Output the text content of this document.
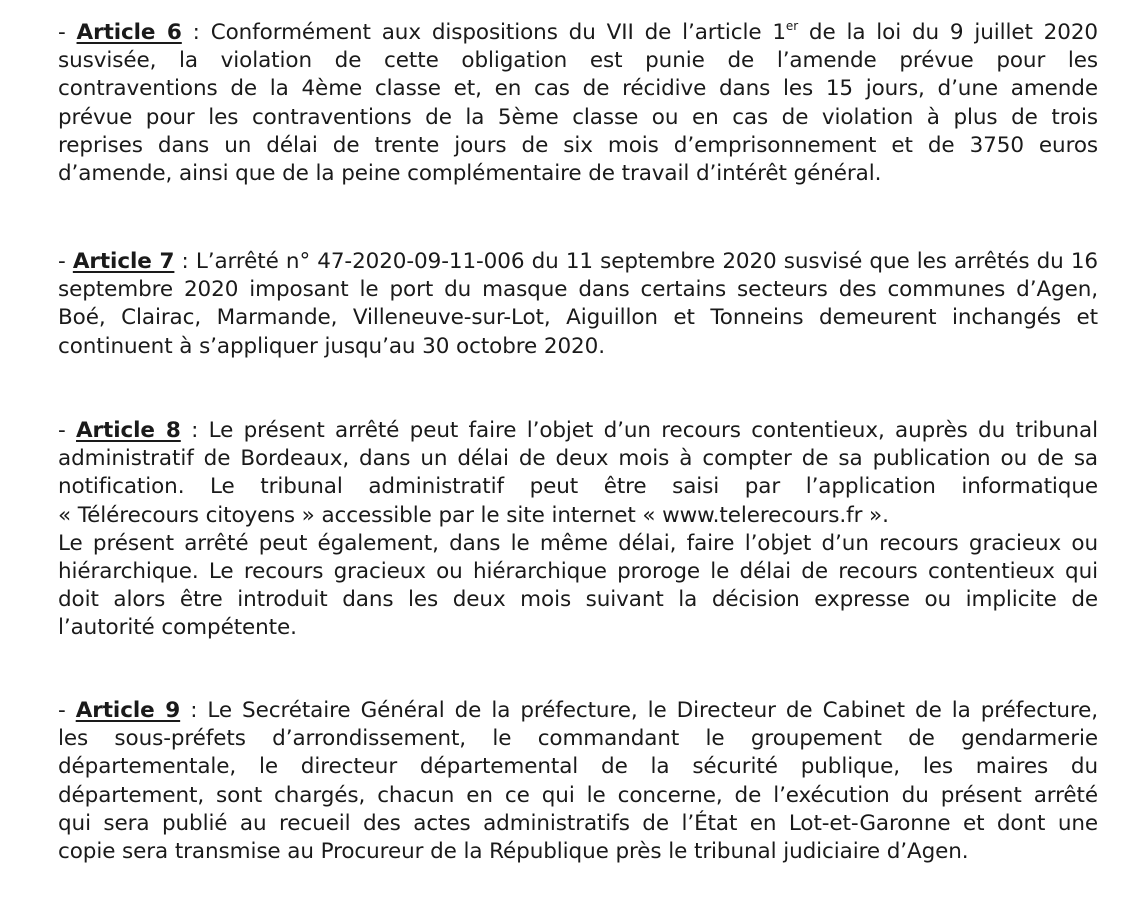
- Article 6 : Conformément aux dispositions du VII de l’article 1er de la loi du 9 juillet 2020
susvisée, la violation de cette obligation est punie de l’amende prévue pour les
contraventions de la 4ème classe et, en cas de récidive dans les 15 jours, d’une amende
prévue pour les contraventions de la 5ème classe ou en cas de violation à plus de trois
reprises dans un délai de trente jours de six mois d’emprisonnement et de 3750 euros
d’amende, ainsi que de la peine complémentaire de travail d’intérêt général.
- Article 7 : L’arrêté n° 47-2020-09-11-006 du 11 septembre 2020 susvisé que les arrêtés du 16
septembre 2020 imposant le port du masque dans certains secteurs des communes d’Agen,
Boé, Clairac, Marmande, Villeneuve-sur-Lot, Aiguillon et Tonneins demeurent inchangés et
continuent à s’appliquer jusqu’au 30 octobre 2020.
- Article 8 : Le présent arrêté peut faire l’objet d’un recours contentieux, auprès du tribunal
administratif de Bordeaux, dans un délai de deux mois à compter de sa publication ou de sa
notification. Le tribunal administratif peut être saisi par l’application informatique
« Télérecours citoyens » accessible par le site internet « www.telerecours.fr ».
Le présent arrêté peut également, dans le même délai, faire l’objet d’un recours gracieux ou
hiérarchique. Le recours gracieux ou hiérarchique proroge le délai de recours contentieux qui
doit alors être introduit dans les deux mois suivant la décision expresse ou implicite de
l’autorité compétente.
- Article 9 : Le Secrétaire Général de la préfecture, le Directeur de Cabinet de la préfecture,
les sous-préfets d’arrondissement, le commandant le groupement de gendarmerie
départementale, le directeur départemental de la sécurité publique, les maires du
département, sont chargés, chacun en ce qui le concerne, de l’exécution du présent arrêté
qui sera publié au recueil des actes administratifs de l’État en Lot-et-Garonne et dont une
copie sera transmise au Procureur de la République près le tribunal judiciaire d’Agen.
